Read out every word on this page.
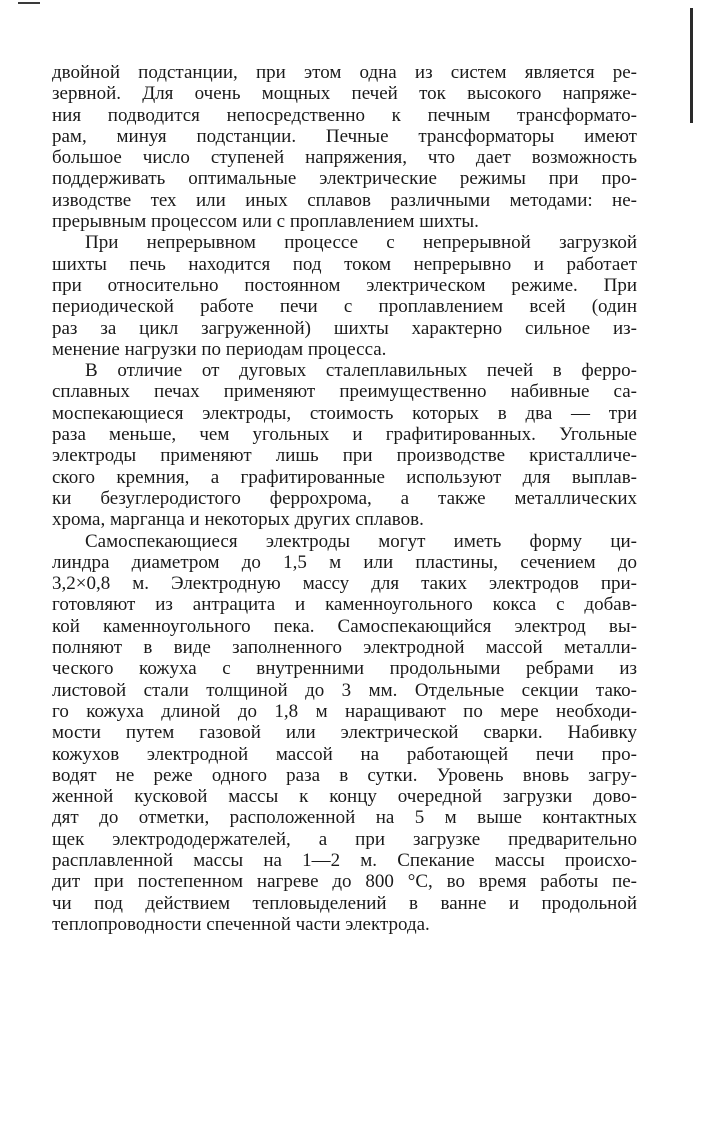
двойной подстанции, при этом одна из систем является ре-
зервной. Для очень мощных печей ток высокого напряже-
ния подводится непосредственно к печным трансформато-
рам, минуя подстанции. Печные трансформаторы имеют
большое число ступеней напряжения, что дает возможность
поддерживать оптимальные электрические режимы при про-
изводстве тех или иных сплавов различными методами: не-
прерывным процессом или с проплавлением шихты.
При непрерывном процессе с непрерывной загрузкой
шихты печь находится под током непрерывно и работает
при относительно постоянном электрическом режиме. При
периодической работе печи с проплавлением всей (один
раз за цикл загруженной) шихты характерно сильное из-
менение нагрузки по периодам процесса.
В отличие от дуговых сталеплавильных печей в ферро-
сплавных печах применяют преимущественно набивные са-
моспекающиеся электроды, стоимость которых в два — три
раза меньше, чем угольных и графитированных. Угольные
электроды применяют лишь при производстве кристалличе-
ского кремния, а графитированные используют для выплав-
ки безуглеродистого феррохрома, а также металлических
хрома, марганца и некоторых других сплавов.
Самоспекающиеся электроды могут иметь форму ци-
линдра диаметром до 1,5 м или пластины, сечением до
3,2×0,8 м. Электродную массу для таких электродов при-
готовляют из антрацита и каменноугольного кокса с добав-
кой каменноугольного пека. Самоспекающийся электрод вы-
полняют в виде заполненного электродной массой металли-
ческого кожуха с внутренними продольными ребрами из
листовой стали толщиной до 3 мм. Отдельные секции тако-
го кожуха длиной до 1,8 м наращивают по мере необходи-
мости путем газовой или электрической сварки. Набивку
кожухов электродной массой на работающей печи про-
водят не реже одного раза в сутки. Уровень вновь загру-
женной кусковой массы к концу очередной загрузки дово-
дят до отметки, расположенной на 5 м выше контактных
щек электрододержателей, а при загрузке предварительно
расплавленной массы на 1—2 м. Спекание массы происхо-
дит при постепенном нагреве до 800 °С, во время работы пе-
чи под действием тепловыделений в ванне и продольной
теплопроводности спеченной части электрода.
